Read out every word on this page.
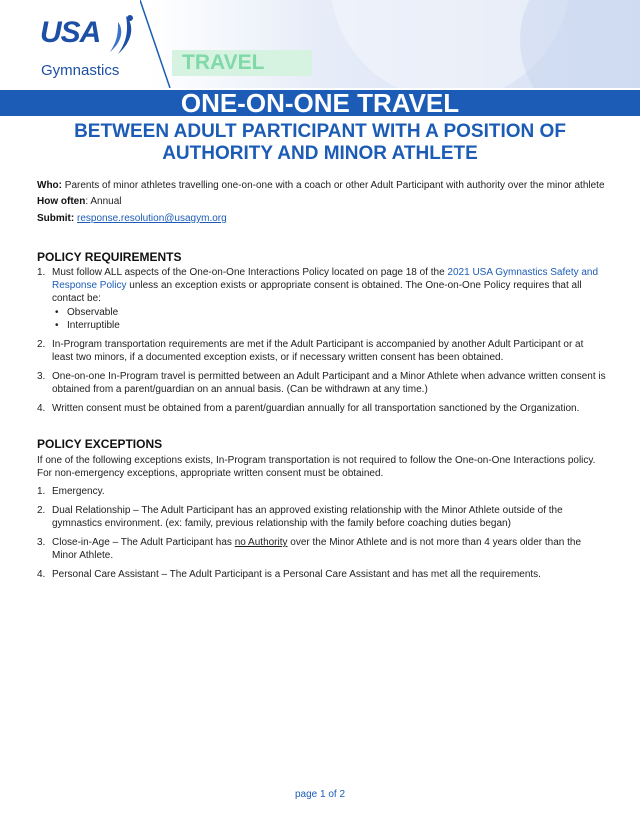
USA
Gymnastics	TRAVEL
ONE-ON-ONE TRAVEL
BETWEEN ADULT PARTICIPANT WITH A POSITION OF AUTHORITY AND MINOR ATHLETE
Who: Parents of minor athletes travelling one-on-one with a coach or other Adult Participant with authority over the minor athlete
How often: Annual
Submit: response.resolution@usagym.org
POLICY REQUIREMENTS
1. Must follow ALL aspects of the One-on-One Interactions Policy located on page 18 of the 2021 USA Gymnastics Safety and Response Policy unless an exception exists or appropriate consent is obtained. The One-on-One Policy requires that all contact be:
• Observable
• Interruptible
2. In-Program transportation requirements are met if the Adult Participant is accompanied by another Adult Participant or at least two minors, if a documented exception exists, or if necessary written consent has been obtained.
3. One-on-one In-Program travel is permitted between an Adult Participant and a Minor Athlete when advance written consent is obtained from a parent/guardian on an annual basis. (Can be withdrawn at any time.)
4. Written consent must be obtained from a parent/guardian annually for all transportation sanctioned by the Organization.
POLICY EXCEPTIONS
If one of the following exceptions exists, In-Program transportation is not required to follow the One-on-One Interactions policy. For non-emergency exceptions, appropriate written consent must be obtained.
1. Emergency.
2. Dual Relationship – The Adult Participant has an approved existing relationship with the Minor Athlete outside of the gymnastics environment. (ex: family, previous relationship with the family before coaching duties began)
3. Close-in-Age – The Adult Participant has no Authority over the Minor Athlete and is not more than 4 years older than the Minor Athlete.
4. Personal Care Assistant – The Adult Participant is a Personal Care Assistant and has met all the requirements.
page 1 of 2
